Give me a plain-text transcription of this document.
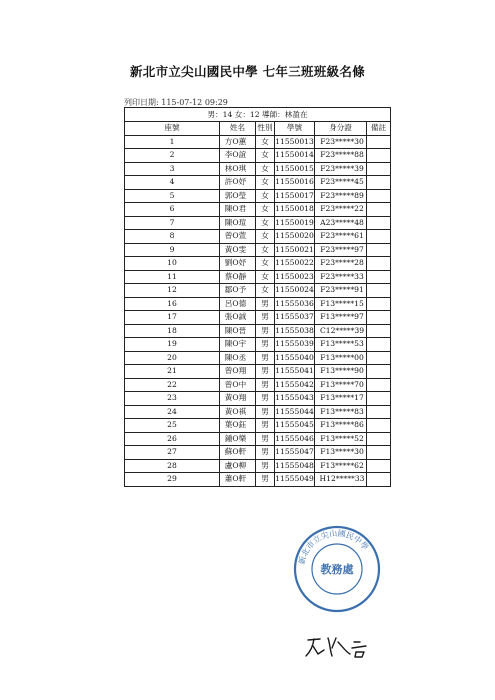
新北市立尖山國民中學 七年三班班級名條
列印日期: 115-07-12 09:29
男：14 女：12 導師：林盈在					
座號	姓名	性別	學號	身分證	備註
1	方O蕙	女	11550013	F23*****30	
2	李O誼	女	11550014	F23*****88	
3	林O琪	女	11550015	F23*****39	
4	許O妤	女	11550016	F23*****45	
5	郭O瑩	女	11550017	F23*****89	
6	陳O君	女	11550018	F23*****22	
7	陳O瑄	女	11550019	A23*****48	
8	曾O萱	女	11550020	F23*****61	
9	黃O雯	女	11550021	F23*****97	
10	劉O妤	女	11550022	F23*****28	
11	蔡O靜	女	11550023	F23*****33	
12	鄒O予	女	11550024	F23*****91	
16	呂O德	男	11555036	F13*****15	
17	張O誠	男	11555037	F13*****97	
18	陳O晉	男	11555038	C12*****39	
19	陳O宇	男	11555039	F13*****53	
20	陳O丞	男	11555040	F13*****00	
21	曾O翔	男	11555041	F13*****90	
22	曾O中	男	11555042	F13*****70	
23	黃O翔	男	11555043	F13*****17	
24	黃O祺	男	11555044	F13*****83	
25	葉O鈺	男	11555045	F13*****86	
26	鍾O樂	男	11555046	F13*****52	
27	蘇O軒	男	11555047	F13*****30	
28	盧O柳	男	11555048	F13*****62	
29	蕭O軒	男	11555049	H12*****33	
新北市立尖山國民中學
教務處
